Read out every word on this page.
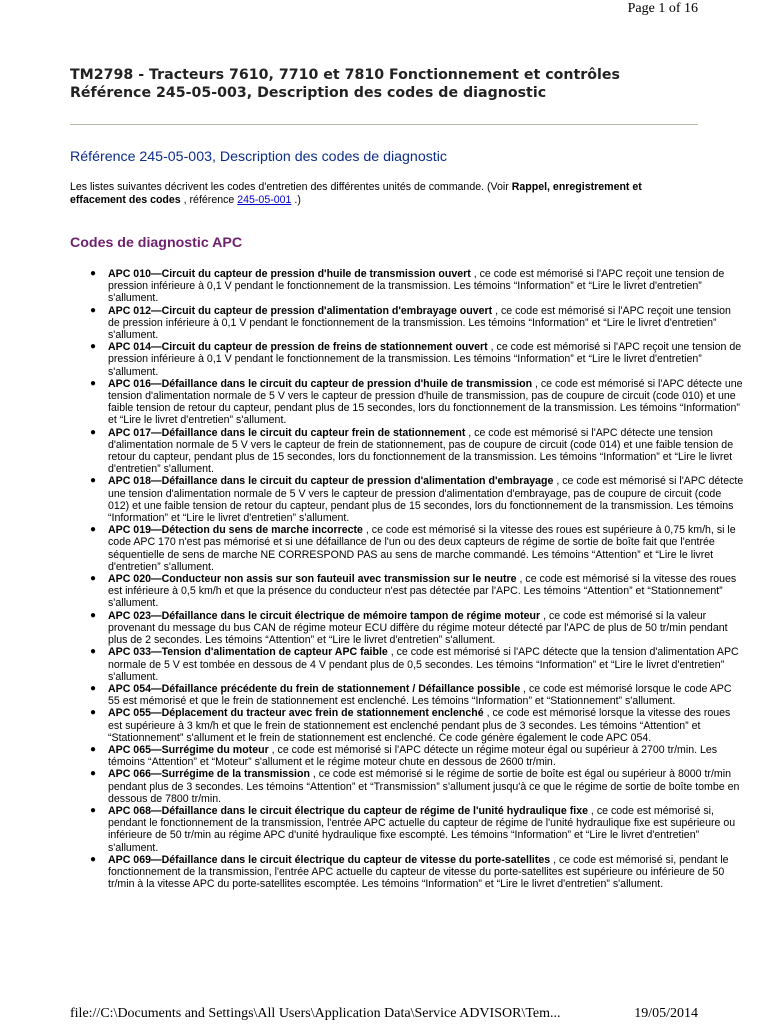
Page 1 of 16
TM2798 - Tracteurs 7610, 7710 et 7810 Fonctionnement et contrôles
Référence 245-05-003, Description des codes de diagnostic
Référence 245-05-003, Description des codes de diagnostic
Les listes suivantes décrivent les codes d'entretien des différentes unités de commande. (Voir Rappel, enregistrement et effacement des codes , référence 245-05-001 .)
Codes de diagnostic APC
● APC 010—Circuit du capteur de pression d'huile de transmission ouvert , ce code est mémorisé si l'APC reçoit une tension de pression inférieure à 0,1 V pendant le fonctionnement de la transmission. Les témoins “Information” et “Lire le livret d'entretien” s'allument.
● APC 012—Circuit du capteur de pression d'alimentation d'embrayage ouvert , ce code est mémorisé si l'APC reçoit une tension de pression inférieure à 0,1 V pendant le fonctionnement de la transmission. Les témoins “Information” et “Lire le livret d'entretien” s'allument.
● APC 014—Circuit du capteur de pression de freins de stationnement ouvert , ce code est mémorisé si l'APC reçoit une tension de pression inférieure à 0,1 V pendant le fonctionnement de la transmission. Les témoins “Information” et “Lire le livret d'entretien” s'allument.
● APC 016—Défaillance dans le circuit du capteur de pression d'huile de transmission , ce code est mémorisé si l'APC détecte une tension d'alimentation normale de 5 V vers le capteur de pression d'huile de transmission, pas de coupure de circuit (code 010) et une faible tension de retour du capteur, pendant plus de 15 secondes, lors du fonctionnement de la transmission. Les témoins “Information” et “Lire le livret d'entretien” s'allument.
● APC 017—Défaillance dans le circuit du capteur frein de stationnement , ce code est mémorisé si l'APC détecte une tension d'alimentation normale de 5 V vers le capteur de frein de stationnement, pas de coupure de circuit (code 014) et une faible tension de retour du capteur, pendant plus de 15 secondes, lors du fonctionnement de la transmission. Les témoins “Information” et “Lire le livret d'entretien” s'allument.
● APC 018—Défaillance dans le circuit du capteur de pression d'alimentation d'embrayage , ce code est mémorisé si l'APC détecte une tension d'alimentation normale de 5 V vers le capteur de pression d'alimentation d'embrayage, pas de coupure de circuit (code 012) et une faible tension de retour du capteur, pendant plus de 15 secondes, lors du fonctionnement de la transmission. Les témoins “Information” et “Lire le livret d'entretien” s'allument.
● APC 019—Détection du sens de marche incorrecte , ce code est mémorisé si la vitesse des roues est supérieure à 0,75 km/h, si le code APC 170 n'est pas mémorisé et si une défaillance de l'un ou des deux capteurs de régime de sortie de boîte fait que l'entrée séquentielle de sens de marche NE CORRESPOND PAS au sens de marche commandé. Les témoins “Attention” et “Lire le livret d'entretien” s'allument.
● APC 020—Conducteur non assis sur son fauteuil avec transmission sur le neutre , ce code est mémorisé si la vitesse des roues est inférieure à 0,5 km/h et que la présence du conducteur n'est pas détectée par l'APC. Les témoins “Attention” et “Stationnement” s'allument.
● APC 023—Défaillance dans le circuit électrique de mémoire tampon de régime moteur , ce code est mémorisé si la valeur provenant du message du bus CAN de régime moteur ECU diffère du régime moteur détecté par l'APC de plus de 50 tr/min pendant plus de 2 secondes. Les témoins “Attention” et “Lire le livret d'entretien” s'allument.
● APC 033—Tension d'alimentation de capteur APC faible , ce code est mémorisé si l'APC détecte que la tension d'alimentation APC normale de 5 V est tombée en dessous de 4 V pendant plus de 0,5 secondes. Les témoins “Information” et “Lire le livret d'entretien” s'allument.
● APC 054—Défaillance précédente du frein de stationnement / Défaillance possible , ce code est mémorisé lorsque le code APC 55 est mémorisé et que le frein de stationnement est enclenché. Les témoins “Information” et “Stationnement” s'allument.
● APC 055—Déplacement du tracteur avec frein de stationnement enclenché , ce code est mémorisé lorsque la vitesse des roues est supérieure à 3 km/h et que le frein de stationnement est enclenché pendant plus de 3 secondes. Les témoins “Attention” et “Stationnement” s'allument et le frein de stationnement est enclenché. Ce code génère également le code APC 054.
● APC 065—Surrégime du moteur , ce code est mémorisé si l'APC détecte un régime moteur égal ou supérieur à 2700 tr/min. Les témoins “Attention” et “Moteur” s'allument et le régime moteur chute en dessous de 2600 tr/min.
● APC 066—Surrégime de la transmission , ce code est mémorisé si le régime de sortie de boîte est égal ou supérieur à 8000 tr/min pendant plus de 3 secondes. Les témoins “Attention” et “Transmission” s'allument jusqu'à ce que le régime de sortie de boîte tombe en dessous de 7800 tr/min.
● APC 068—Défaillance dans le circuit électrique du capteur de régime de l'unité hydraulique fixe , ce code est mémorisé si, pendant le fonctionnement de la transmission, l'entrée APC actuelle du capteur de régime de l'unité hydraulique fixe est supérieure ou inférieure de 50 tr/min au régime APC d'unité hydraulique fixe escompté. Les témoins “Information” et “Lire le livret d'entretien” s'allument.
● APC 069—Défaillance dans le circuit électrique du capteur de vitesse du porte-satellites , ce code est mémorisé si, pendant le fonctionnement de la transmission, l'entrée APC actuelle du capteur de vitesse du porte-satellites est supérieure ou inférieure de 50 tr/min à la vitesse APC du porte-satellites escomptée. Les témoins “Information” et “Lire le livret d'entretien” s'allument.
file://C:\Documents and Settings\All Users\Application Data\Service ADVISOR\Tem...	19/05/2014
